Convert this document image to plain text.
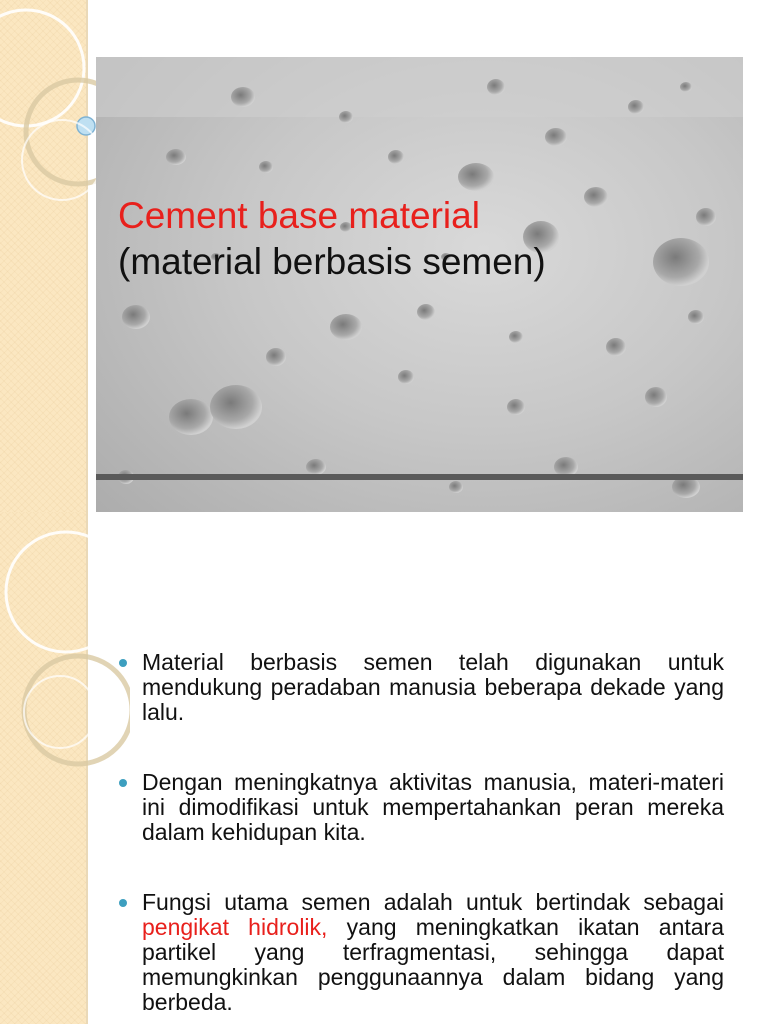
Cement base material
(material berbasis semen)
Material berbasis semen telah digunakan untuk mendukung peradaban manusia beberapa dekade yang lalu.
Dengan meningkatnya aktivitas manusia, materi-materi ini dimodifikasi untuk mempertahankan peran mereka dalam kehidupan kita.
Fungsi utama semen adalah untuk bertindak sebagai pengikat hidrolik, yang meningkatkan ikatan antara partikel yang terfragmentasi, sehingga dapat memungkinkan penggunaannya dalam bidang yang berbeda.
